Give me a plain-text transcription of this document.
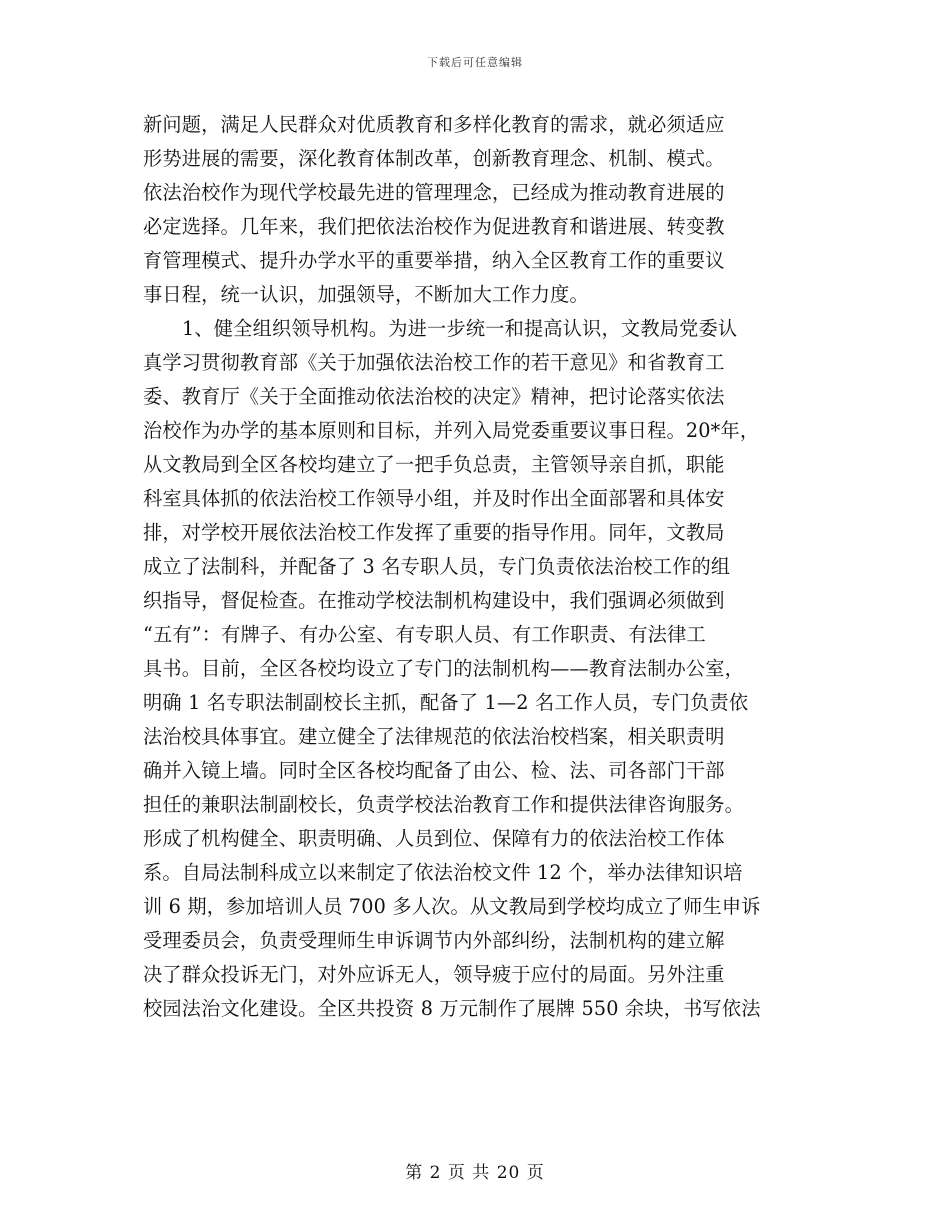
下载后可任意编辑
新问题，满足人民群众对优质教育和多样化教育的需求，就必须适应
形势进展的需要，深化教育体制改革，创新教育理念、机制、模式。
依法治校作为现代学校最先进的管理理念，已经成为推动教育进展的
必定选择。几年来，我们把依法治校作为促进教育和谐进展、转变教
育管理模式、提升办学水平的重要举措，纳入全区教育工作的重要议
事日程，统一认识，加强领导，不断加大工作力度。
1、健全组织领导机构。为进一步统一和提高认识，文教局党委认
真学习贯彻教育部《关于加强依法治校工作的若干意见》和省教育工
委、教育厅《关于全面推动依法治校的决定》精神，把讨论落实依法
治校作为办学的基本原则和目标，并列入局党委重要议事日程。20*年，
从文教局到全区各校均建立了一把手负总责，主管领导亲自抓，职能
科室具体抓的依法治校工作领导小组，并及时作出全面部署和具体安
排，对学校开展依法治校工作发挥了重要的指导作用。同年，文教局
成立了法制科，并配备了 3 名专职人员，专门负责依法治校工作的组
织指导，督促检查。在推动学校法制机构建设中，我们强调必须做到
“五有”：有牌子、有办公室、有专职人员、有工作职责、有法律工
具书。目前，全区各校均设立了专门的法制机构——教育法制办公室，
明确 1 名专职法制副校长主抓，配备了 1—2 名工作人员，专门负责依
法治校具体事宜。建立健全了法律规范的依法治校档案，相关职责明
确并入镜上墙。同时全区各校均配备了由公、检、法、司各部门干部
担任的兼职法制副校长，负责学校法治教育工作和提供法律咨询服务。
形成了机构健全、职责明确、人员到位、保障有力的依法治校工作体
系。自局法制科成立以来制定了依法治校文件 12 个，举办法律知识培
训 6 期，参加培训人员 700 多人次。从文教局到学校均成立了师生申诉
受理委员会，负责受理师生申诉调节内外部纠纷，法制机构的建立解
决了群众投诉无门，对外应诉无人，领导疲于应付的局面。另外注重
校园法治文化建设。全区共投资 8 万元制作了展牌 550 余块，书写依法
第 2 页 共 20 页
